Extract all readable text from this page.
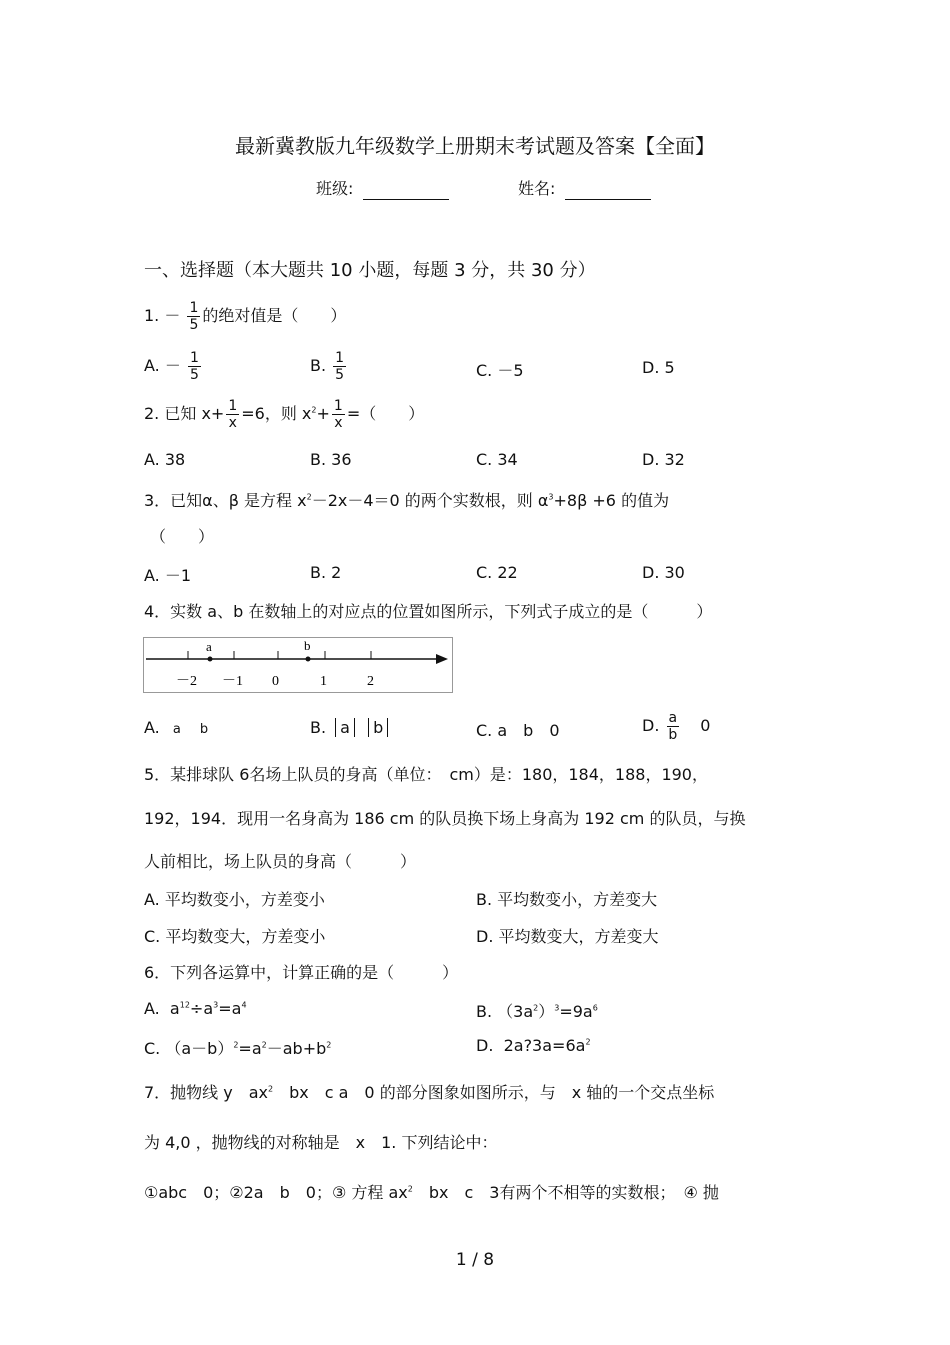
最新冀教版九年级数学上册期末考试题及答案【全面】
班级:	姓名:
一、选择题（本大题共 10 小题，每题 3 分，共 30 分）
1. － $\frac{1}{5}$ 的绝对值是（　　）
A. － $\frac{1}{5}$	B. $\frac{1}{5}$	C. －5	D. 5
2. 已知 $x+ \frac{1}{x} =6$，则 $x^2+ \frac{1}{x}$ =（　　）
A. 38	B. 36	C. 34	D. 32
3．已知α、β 是方程 $x^2-2x-4=0$ 的两个实数根，则 $\alpha^3+8\beta +6$ 的值为
（　　）
A. －1	B. 2	C. 22	D. 30
4．实数 a、b 在数轴上的对应点的位置如图所示，下列式子成立的是（　　　）
a	b
－2 －1 0	1	2
A. a b	B. a b	C. a　b　0	D. $\frac{a}{b} 0$
5．某排球队 6名场上队员的身高（单位：　cm）是：180，184，188，190，
192，194．现用一名身高为 186 cm 的队员换下场上身高为 192 cm 的队员，与换
人前相比，场上队员的身高（　　　）
A. 平均数变小，方差变小	B. 平均数变小，方差变大
C. 平均数变大，方差变小	D. 平均数变大，方差变大
6．下列各运算中，计算正确的是（　　　）
A.  $a^{12}\div a^3=a^4$	B. $(3a^2)^3=9a^6$
C. $(a-b)^2=a^2-ab+b^2$	D.  $2a?3a=6a^2$
7．抛物线 y　$ax^2$　bx　c a　0 的部分图象如图所示，与　x 轴的一个交点坐标
为 4,0 ，抛物线的对称轴是　x　1. 下列结论中：
①abc　0；②2a　b　0；③ 方程 $ax^2$　bx　c　3有两个不相等的实数根；　④ 抛
1 / 8
